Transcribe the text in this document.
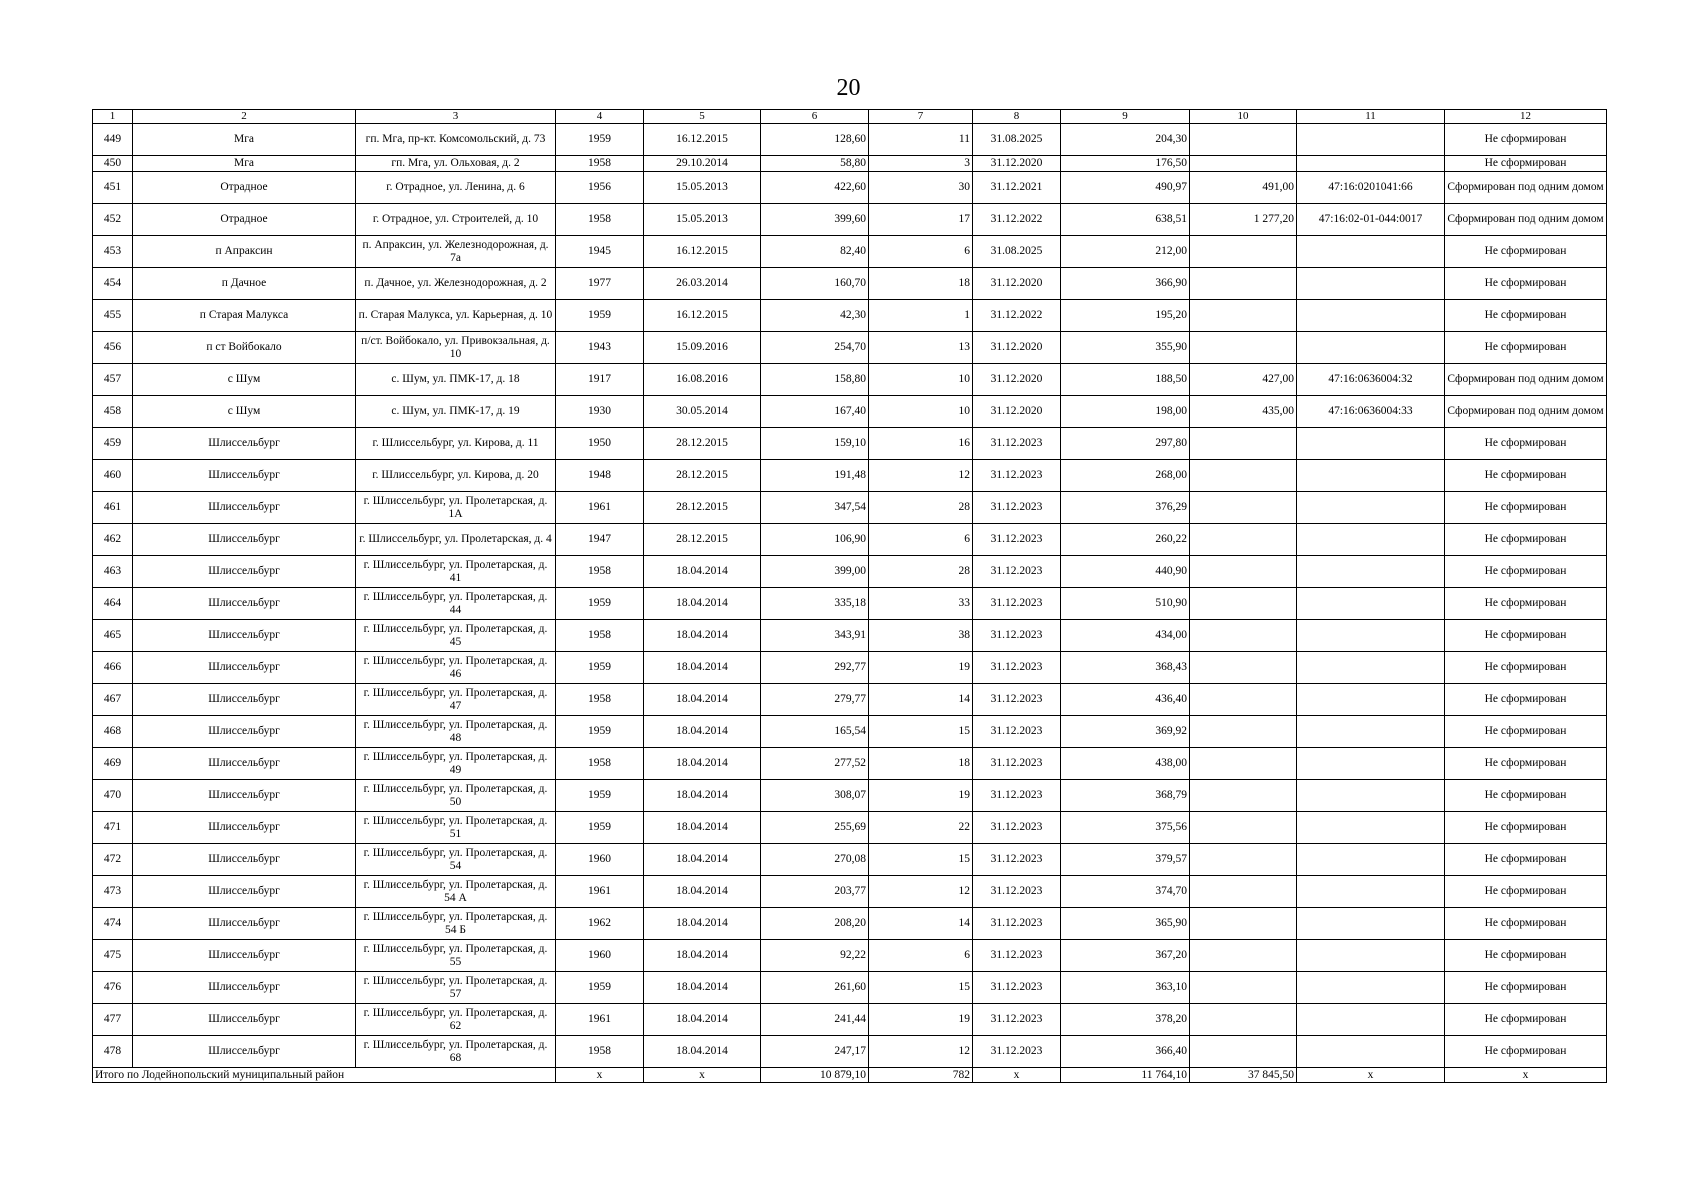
20
1	2	3	4	5	6	7	8	9	10	11	12
449	Мга	гп. Мга, пр-кт. Комсомольский, д. 73	1959	16.12.2015	128,60	11	31.08.2025	204,30			Не сформирован
450	Мга	гп. Мга, ул. Ольховая, д. 2	1958	29.10.2014	58,80	3	31.12.2020	176,50			Не сформирован
451	Отрадное	г. Отрадное, ул. Ленина, д. 6	1956	15.05.2013	422,60	30	31.12.2021	490,97	491,00	47:16:0201041:66	Сформирован под одним домом
452	Отрадное	г. Отрадное, ул. Строителей, д. 10	1958	15.05.2013	399,60	17	31.12.2022	638,51	1 277,20	47:16:02-01-044:0017	Сформирован под одним домом
453	п Апраксин	п. Апраксин, ул. Железнодорожная, д. 7а	1945	16.12.2015	82,40	6	31.08.2025	212,00			Не сформирован
454	п Дачное	п. Дачное, ул. Железнодорожная, д. 2	1977	26.03.2014	160,70	18	31.12.2020	366,90			Не сформирован
455	п Старая Малукса	п. Старая Малукса, ул. Карьерная, д. 10	1959	16.12.2015	42,30	1	31.12.2022	195,20			Не сформирован
456	п ст Войбокало	п/ст. Войбокало, ул. Привокзальная, д. 10	1943	15.09.2016	254,70	13	31.12.2020	355,90			Не сформирован
457	с Шум	с. Шум, ул. ПМК-17, д. 18	1917	16.08.2016	158,80	10	31.12.2020	188,50	427,00	47:16:0636004:32	Сформирован под одним домом
458	с Шум	с. Шум, ул. ПМК-17, д. 19	1930	30.05.2014	167,40	10	31.12.2020	198,00	435,00	47:16:0636004:33	Сформирован под одним домом
459	Шлиссельбург	г. Шлиссельбург, ул. Кирова, д. 11	1950	28.12.2015	159,10	16	31.12.2023	297,80			Не сформирован
460	Шлиссельбург	г. Шлиссельбург, ул. Кирова, д. 20	1948	28.12.2015	191,48	12	31.12.2023	268,00			Не сформирован
461	Шлиссельбург	г. Шлиссельбург, ул. Пролетарская, д. 1А	1961	28.12.2015	347,54	28	31.12.2023	376,29			Не сформирован
462	Шлиссельбург	г. Шлиссельбург, ул. Пролетарская, д. 4	1947	28.12.2015	106,90	6	31.12.2023	260,22			Не сформирован
463	Шлиссельбург	г. Шлиссельбург, ул. Пролетарская, д. 41	1958	18.04.2014	399,00	28	31.12.2023	440,90			Не сформирован
464	Шлиссельбург	г. Шлиссельбург, ул. Пролетарская, д. 44	1959	18.04.2014	335,18	33	31.12.2023	510,90			Не сформирован
465	Шлиссельбург	г. Шлиссельбург, ул. Пролетарская, д. 45	1958	18.04.2014	343,91	38	31.12.2023	434,00			Не сформирован
466	Шлиссельбург	г. Шлиссельбург, ул. Пролетарская, д. 46	1959	18.04.2014	292,77	19	31.12.2023	368,43			Не сформирован
467	Шлиссельбург	г. Шлиссельбург, ул. Пролетарская, д. 47	1958	18.04.2014	279,77	14	31.12.2023	436,40			Не сформирован
468	Шлиссельбург	г. Шлиссельбург, ул. Пролетарская, д. 48	1959	18.04.2014	165,54	15	31.12.2023	369,92			Не сформирован
469	Шлиссельбург	г. Шлиссельбург, ул. Пролетарская, д. 49	1958	18.04.2014	277,52	18	31.12.2023	438,00			Не сформирован
470	Шлиссельбург	г. Шлиссельбург, ул. Пролетарская, д. 50	1959	18.04.2014	308,07	19	31.12.2023	368,79			Не сформирован
471	Шлиссельбург	г. Шлиссельбург, ул. Пролетарская, д. 51	1959	18.04.2014	255,69	22	31.12.2023	375,56			Не сформирован
472	Шлиссельбург	г. Шлиссельбург, ул. Пролетарская, д. 54	1960	18.04.2014	270,08	15	31.12.2023	379,57			Не сформирован
473	Шлиссельбург	г. Шлиссельбург, ул. Пролетарская, д. 54 А	1961	18.04.2014	203,77	12	31.12.2023	374,70			Не сформирован
474	Шлиссельбург	г. Шлиссельбург, ул. Пролетарская, д. 54 Б	1962	18.04.2014	208,20	14	31.12.2023	365,90			Не сформирован
475	Шлиссельбург	г. Шлиссельбург, ул. Пролетарская, д. 55	1960	18.04.2014	92,22	6	31.12.2023	367,20			Не сформирован
476	Шлиссельбург	г. Шлиссельбург, ул. Пролетарская, д. 57	1959	18.04.2014	261,60	15	31.12.2023	363,10			Не сформирован
477	Шлиссельбург	г. Шлиссельбург, ул. Пролетарская, д. 62	1961	18.04.2014	241,44	19	31.12.2023	378,20			Не сформирован
478	Шлиссельбург	г. Шлиссельбург, ул. Пролетарская, д. 68	1958	18.04.2014	247,17	12	31.12.2023	366,40			Не сформирован
Итого по Лодейнопольский муниципальный район			x	x	10 879,10	782	x	11 764,10	37 845,50	x	x
